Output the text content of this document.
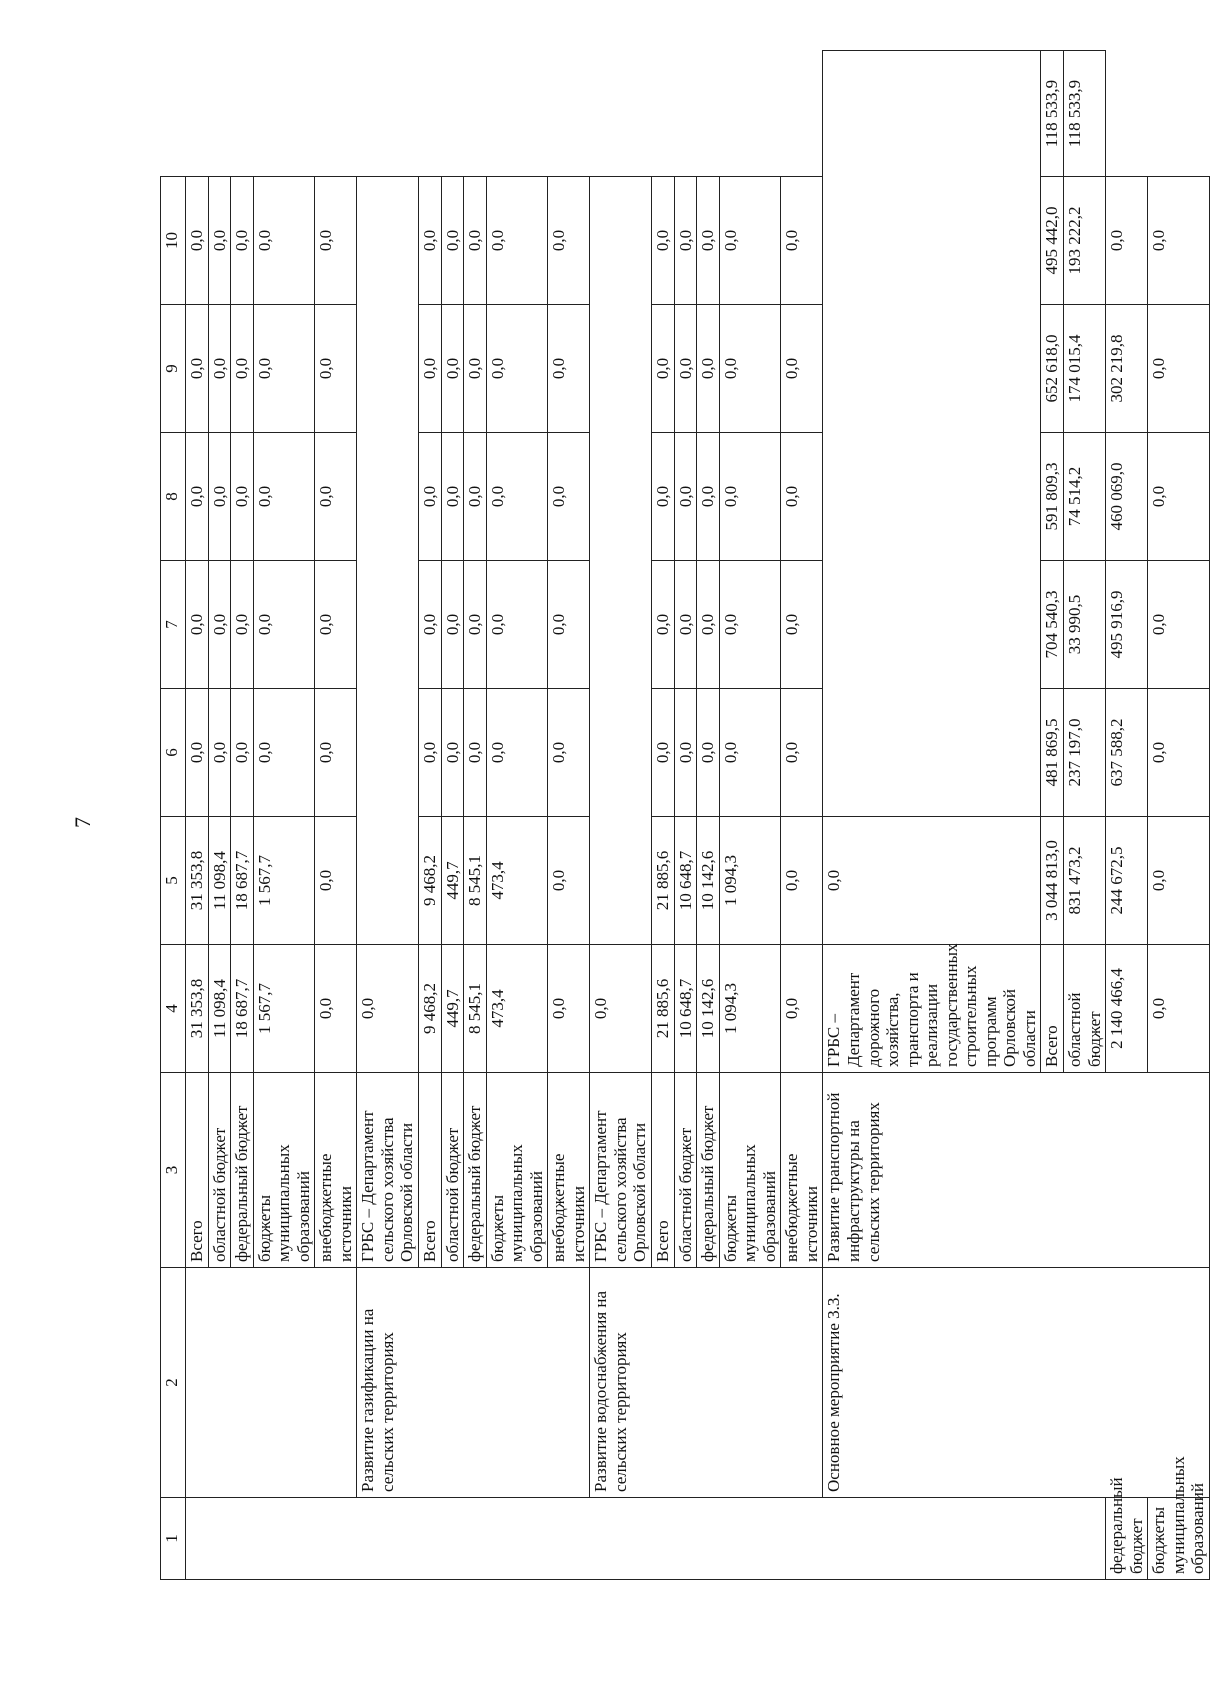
7
1	2	3	4	5	6	7	8	9	10	
		Всего	31 353,8	31 353,8	0,0	0,0	0,0	0,0	0,0	
		областной бюджет	11 098,4	11 098,4	0,0	0,0	0,0	0,0	0,0	
		федеральный бюджет	18 687,7	18 687,7	0,0	0,0	0,0	0,0	0,0	
		бюджеты муниципальных образований	1 567,7	1 567,7	0,0	0,0	0,0	0,0	0,0	
		внебюджетные источники	0,0	0,0	0,0	0,0	0,0	0,0	0,0	
	Развитие газификации на сельских территориях	ГРБС – Департамент сельского хозяйства Орловской области	0,0							
		Всего	9 468,2	9 468,2	0,0	0,0	0,0	0,0	0,0	
		областной бюджет	449,7	449,7	0,0	0,0	0,0	0,0	0,0	
		федеральный бюджет	8 545,1	8 545,1	0,0	0,0	0,0	0,0	0,0	
		бюджеты муниципальных образований	473,4	473,4	0,0	0,0	0,0	0,0	0,0	
		внебюджетные источники	0,0	0,0	0,0	0,0	0,0	0,0	0,0	
	Развитие водоснабжения на сельских территориях	ГРБС – Департамент сельского хозяйства Орловской области	0,0							
		Всего	21 885,6	21 885,6	0,0	0,0	0,0	0,0	0,0	
		областной бюджет	10 648,7	10 648,7	0,0	0,0	0,0	0,0	0,0	
		федеральный бюджет	10 142,6	10 142,6	0,0	0,0	0,0	0,0	0,0	
		бюджеты муниципальных образований	1 094,3	1 094,3	0,0	0,0	0,0	0,0	0,0	
		внебюджетные источники	0,0	0,0	0,0	0,0	0,0	0,0	0,0	
	Основное мероприятие 3.3.	Развитие транспортной инфраструктуры на сельских территориях	ГРБС – Департамент дорожного хозяйства, транспорта и реализации государственных строительных программ Орловской области	0,0						
			Всего	3 044 813,0	481 869,5	704 540,3	591 809,3	652 618,0	495 442,0	118 533,9
			областной бюджет	831 473,2	237 197,0	33 990,5	74 514,2	174 015,4	193 222,2	118 533,9
федеральный бюджет			2 140 466,4	244 672,5	637 588,2	495 916,9	460 069,0	302 219,8	0,0	
бюджеты муниципальных образований			0,0	0,0	0,0	0,0	0,0	0,0	0,0	
